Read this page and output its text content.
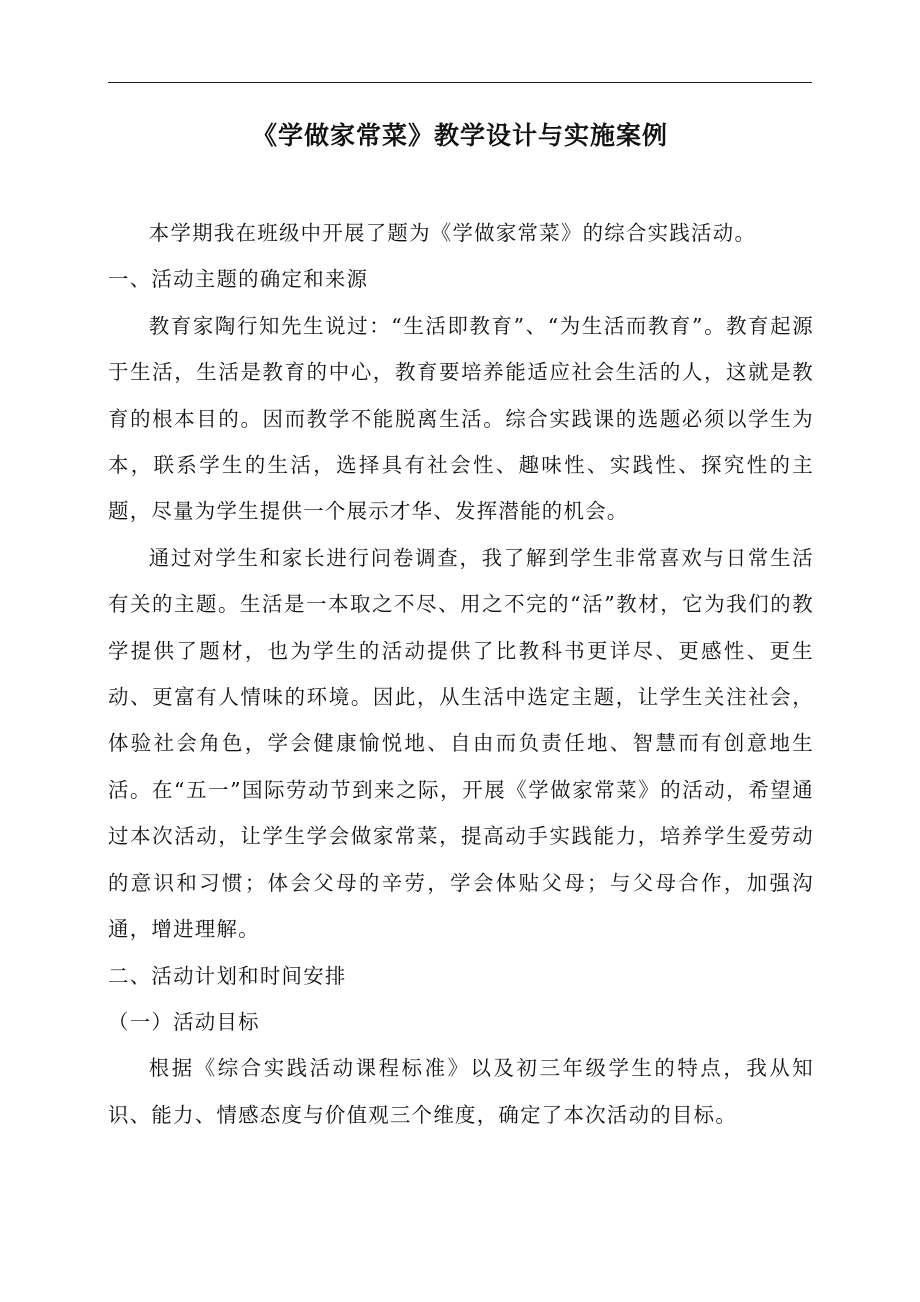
《学做家常菜》教学设计与实施案例

本学期我在班级中开展了题为《学做家常菜》的综合实践活动。

一、活动主题的确定和来源

教育家陶行知先生说过：“生活即教育”、“为生活而教育”。教育起源于生活，生活是教育的中心，教育要培养能适应社会生活的人，这就是教育的根本目的。因而教学不能脱离生活。综合实践课的选题必须以学生为本，联系学生的生活，选择具有社会性、趣味性、实践性、探究性的主题，尽量为学生提供一个展示才华、发挥潜能的机会。

通过对学生和家长进行问卷调查，我了解到学生非常喜欢与日常生活有关的主题。生活是一本取之不尽、用之不完的“活”教材，它为我们的教学提供了题材，也为学生的活动提供了比教科书更详尽、更感性、更生动、更富有人情味的环境。因此，从生活中选定主题，让学生关注社会，体验社会角色，学会健康愉悦地、自由而负责任地、智慧而有创意地生活。在“五一”国际劳动节到来之际，开展《学做家常菜》的活动，希望通过本次活动，让学生学会做家常菜，提高动手实践能力，培养学生爱劳动的意识和习惯；体会父母的辛劳，学会体贴父母；与父母合作，加强沟通，增进理解。

二、活动计划和时间安排

（一）活动目标

根据《综合实践活动课程标准》以及初三年级学生的特点，我从知识、能力、情感态度与价值观三个维度，确定了本次活动的目标。
